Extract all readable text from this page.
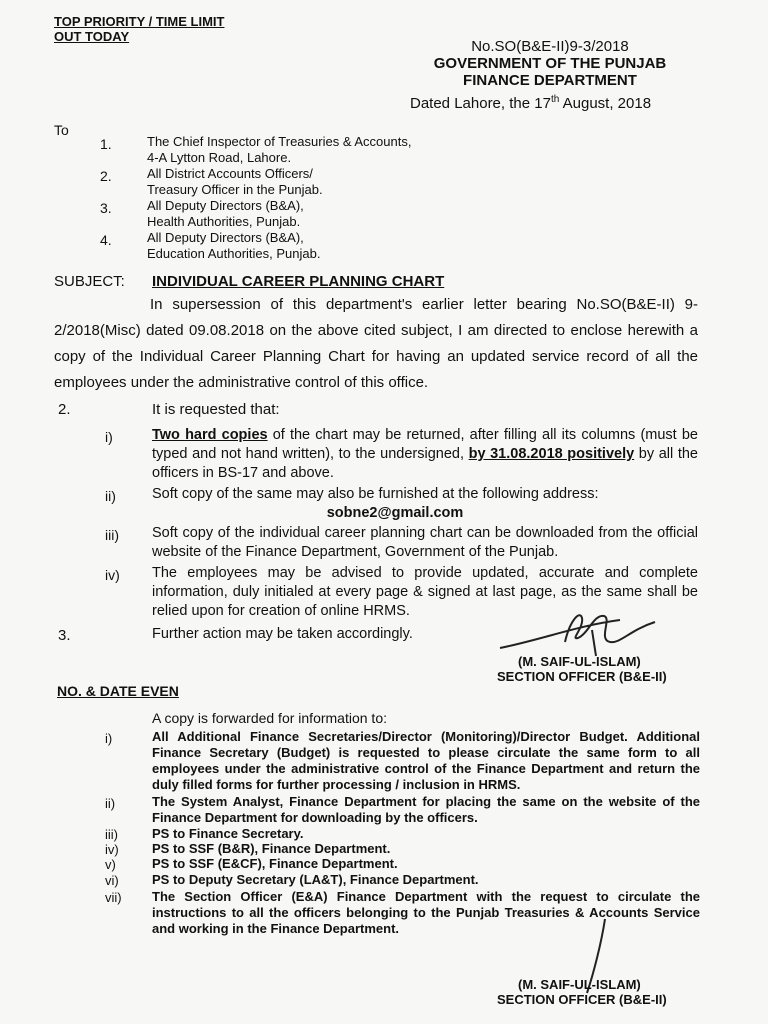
TOP PRIORITY / TIME LIMIT
OUT TODAY
No.SO(B&E-II)9-3/2018
GOVERNMENT OF THE PUNJAB
FINANCE DEPARTMENT
Dated Lahore, the 17th August, 2018
To
1.	The Chief Inspector of Treasuries & Accounts,
4-A Lytton Road, Lahore.
2.	All District Accounts Officers/
Treasury Officer in the Punjab.
3.	All Deputy Directors (B&A),
Health Authorities, Punjab.
4.	All Deputy Directors (B&A),
Education Authorities, Punjab.
SUBJECT: INDIVIDUAL CAREER PLANNING CHART
In supersession of this department's earlier letter bearing No.SO(B&E-II) 9-2/2018(Misc) dated 09.08.2018 on the above cited subject, I am directed to enclose herewith a copy of the Individual Career Planning Chart for having an updated service record of all the employees under the administrative control of this office.
2.	It is requested that:
i)	Two hard copies of the chart may be returned, after filling all its columns (must be typed and not hand written), to the undersigned, by 31.08.2018 positively by all the officers in BS-17 and above.
ii) Soft copy of the same may also be furnished at the following address:
sobne2@gmail.com
iii) Soft copy of the individual career planning chart can be downloaded from the official website of the Finance Department, Government of the Punjab.
iv) The employees may be advised to provide updated, accurate and complete information, duly initialed at every page & signed at last page, as the same shall be relied upon for creation of online HRMS.
3.	Further action may be taken accordingly.
(M. SAIF-UL-ISLAM)
SECTION OFFICER (B&E-II)
NO. & DATE EVEN
A copy is forwarded for information to:
i)	All Additional Finance Secretaries/Director (Monitoring)/Director Budget. Additional Finance Secretary (Budget) is requested to please circulate the same form to all employees under the administrative control of the Finance Department and return the duly filled forms for further processing / inclusion in HRMS.
ii)	The System Analyst, Finance Department for placing the same on the website of the Finance Department for downloading by the officers.
iii)	PS to Finance Secretary.
iv)	PS to SSF (B&R), Finance Department.
v)	PS to SSF (E&CF), Finance Department.
vi)	PS to Deputy Secretary (LA&T), Finance Department.
vii) The Section Officer (E&A) Finance Department with the request to circulate the instructions to all the officers belonging to the Punjab Treasuries & Accounts Service and working in the Finance Department.
(M. SAIF-UL-ISLAM)
SECTION OFFICER (B&E-II)
